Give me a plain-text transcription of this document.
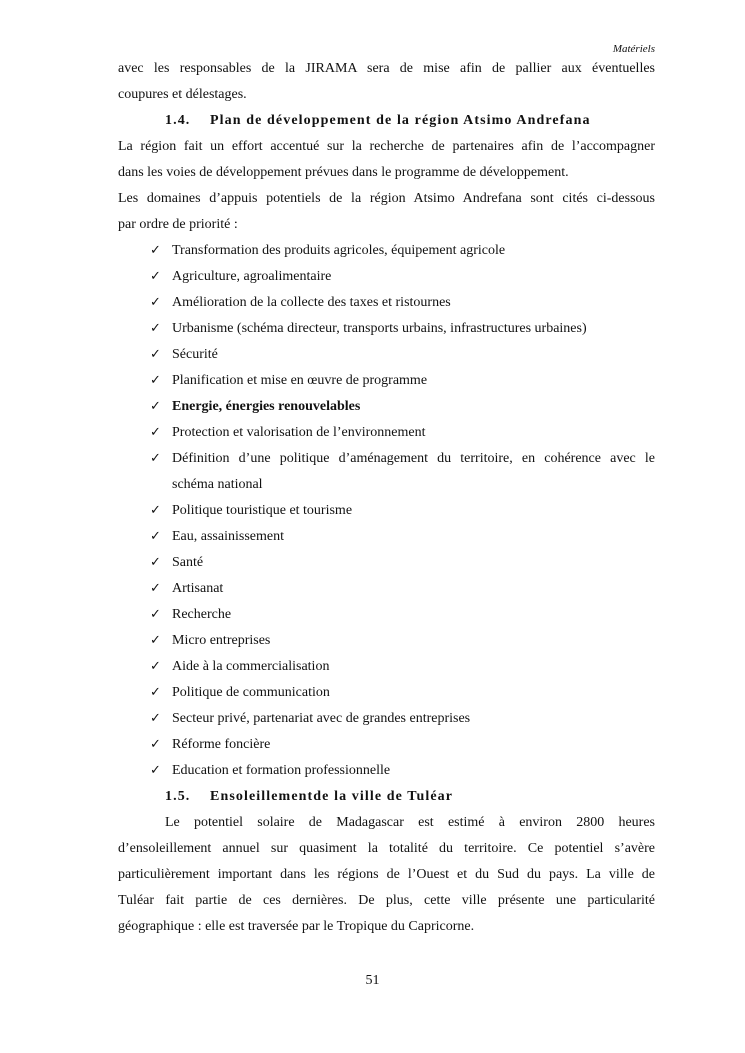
Matériels
avec les responsables de la JIRAMA sera de mise afin de pallier aux éventuelles
coupures et délestages.
1.4. Plan de développement de la région Atsimo Andrefana
La région fait un effort accentué sur la recherche de partenaires afin de l’accompagner
dans les voies de développement prévues dans le programme de développement.
Les domaines d’appuis potentiels de la région Atsimo Andrefana sont cités ci-dessous
par ordre de priorité :
✓ Transformation des produits agricoles, équipement agricole
✓ Agriculture, agroalimentaire
✓ Amélioration de la collecte des taxes et ristournes
✓ Urbanisme (schéma directeur, transports urbains, infrastructures urbaines)
✓ Sécurité
✓ Planification et mise en œuvre de programme
✓ Energie, énergies renouvelables
✓ Protection et valorisation de l’environnement
✓ Définition d’une politique d’aménagement du territoire, en cohérence avec le
schéma national
✓ Politique touristique et tourisme
✓ Eau, assainissement
✓ Santé
✓ Artisanat
✓ Recherche
✓ Micro entreprises
✓ Aide à la commercialisation
✓ Politique de communication
✓ Secteur privé, partenariat avec de grandes entreprises
✓ Réforme foncière
✓ Education et formation professionnelle
1.5. Ensoleillementde la ville de Tuléar
Le potentiel solaire de Madagascar est estimé à environ 2800 heures
d’ensoleillement annuel sur quasiment la totalité du territoire. Ce potentiel s’avère
particulièrement important dans les régions de l’Ouest et du Sud du pays. La ville de
Tuléar fait partie de ces dernières. De plus, cette ville présente une particularité
géographique : elle est traversée par le Tropique du Capricorne.
51
